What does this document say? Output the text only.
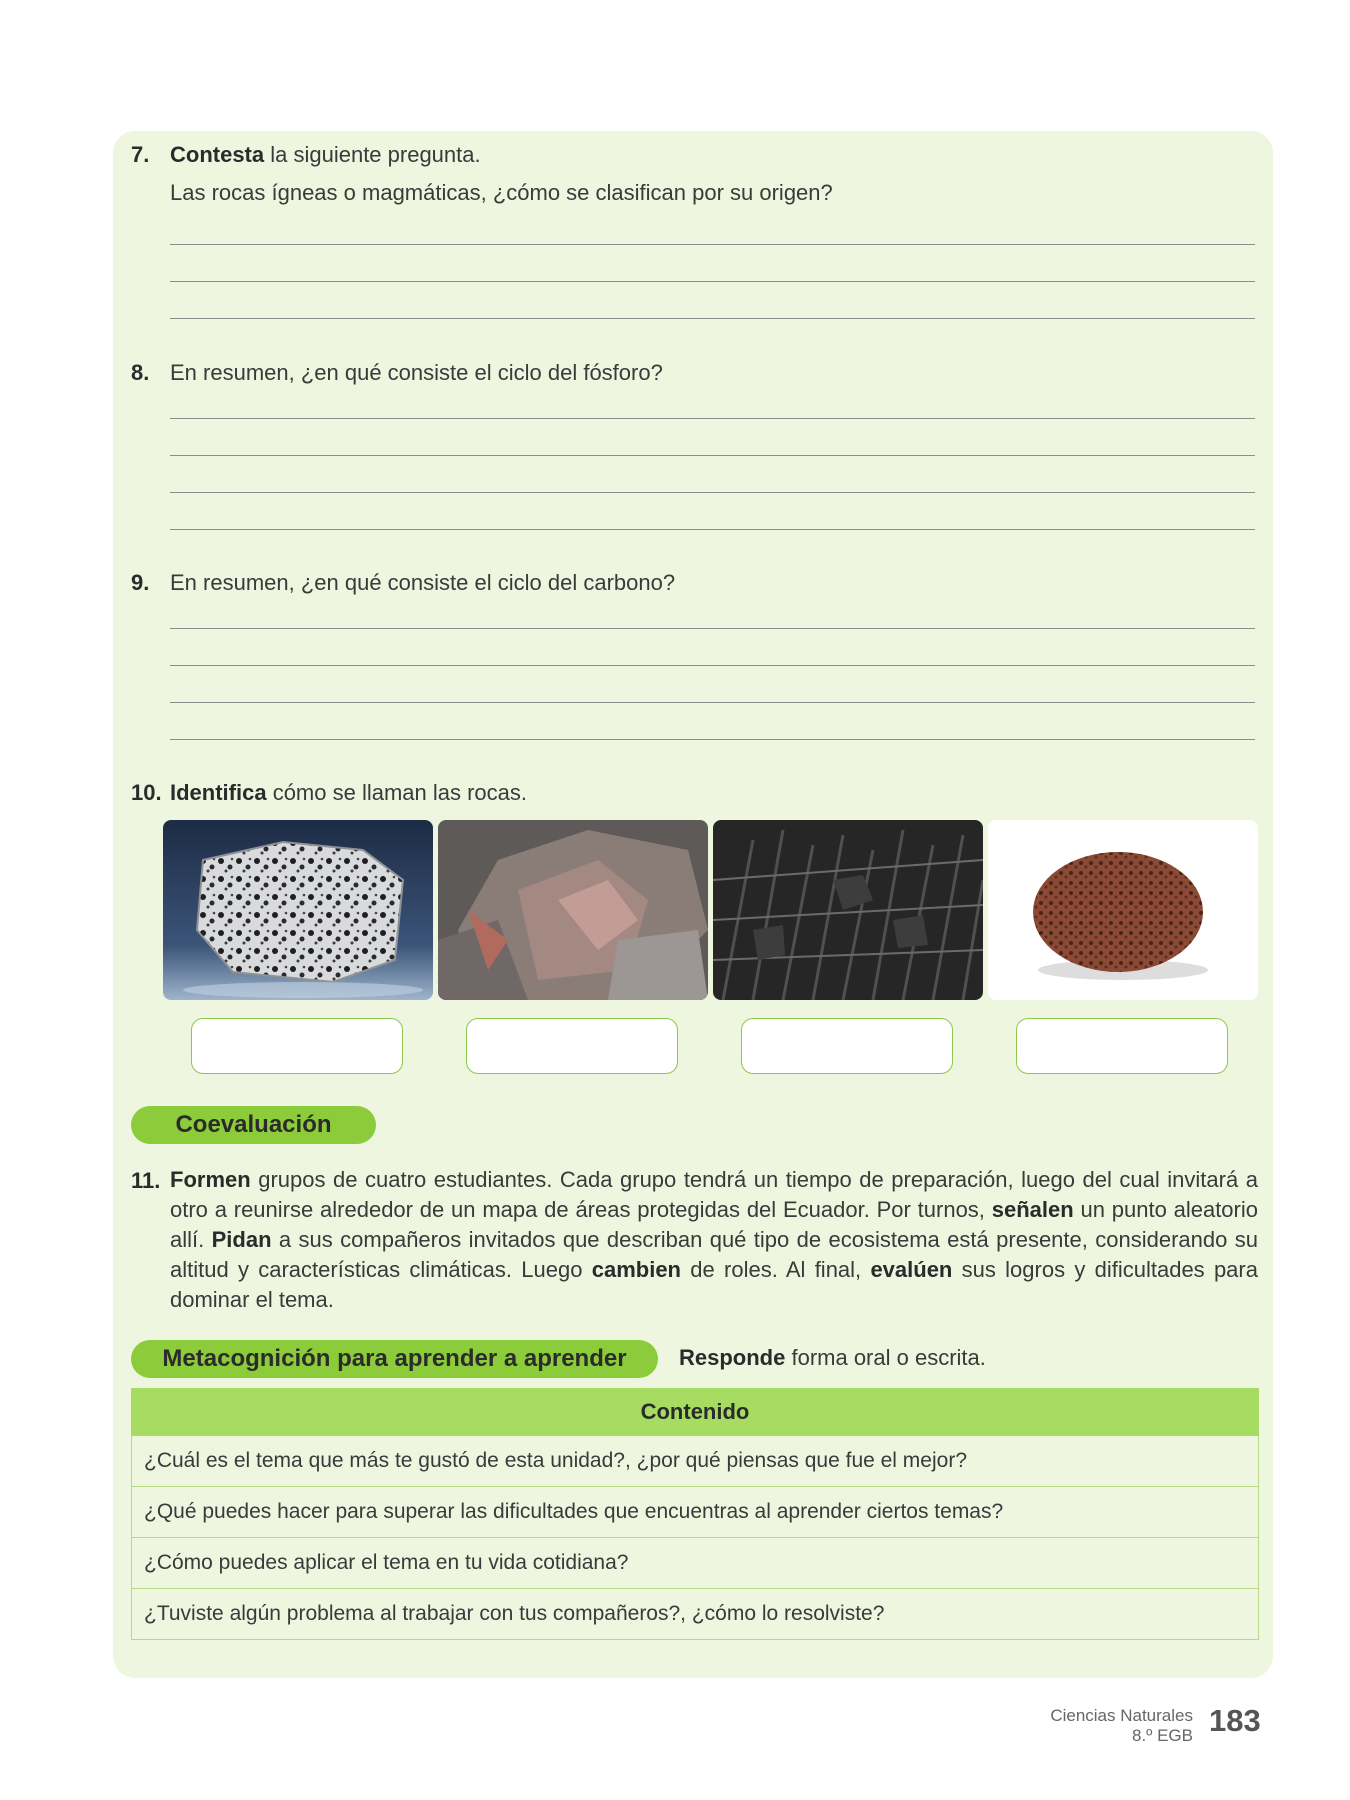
7. Contesta la siguiente pregunta.
Las rocas ígneas o magmáticas, ¿cómo se clasifican por su origen?
8. En resumen, ¿en qué consiste el ciclo del fósforo?
9. En resumen, ¿en qué consiste el ciclo del carbono?
10. Identifica cómo se llaman las rocas.
Coevaluación
11. Formen grupos de cuatro estudiantes. Cada grupo tendrá un tiempo de preparación, luego del cual invitará a otro a reunirse alrededor de un mapa de áreas protegidas del Ecuador. Por turnos, señalen un punto aleatorio allí. Pidan a sus compañeros invitados que describan qué tipo de ecosistema está presente, considerando su altitud y características climáticas. Luego cambien de roles. Al final, evalúen sus logros y dificultades para dominar el tema.
Metacognición para aprender a aprender	Responde forma oral o escrita.
Contenido
¿Cuál es el tema que más te gustó de esta unidad?, ¿por qué piensas que fue el mejor?
¿Qué puedes hacer para superar las dificultades que encuentras al aprender ciertos temas?
¿Cómo puedes aplicar el tema en tu vida cotidiana?
¿Tuviste algún problema al trabajar con tus compañeros?, ¿cómo lo resolviste?
Ciencias Naturales
8.º EGB 183
